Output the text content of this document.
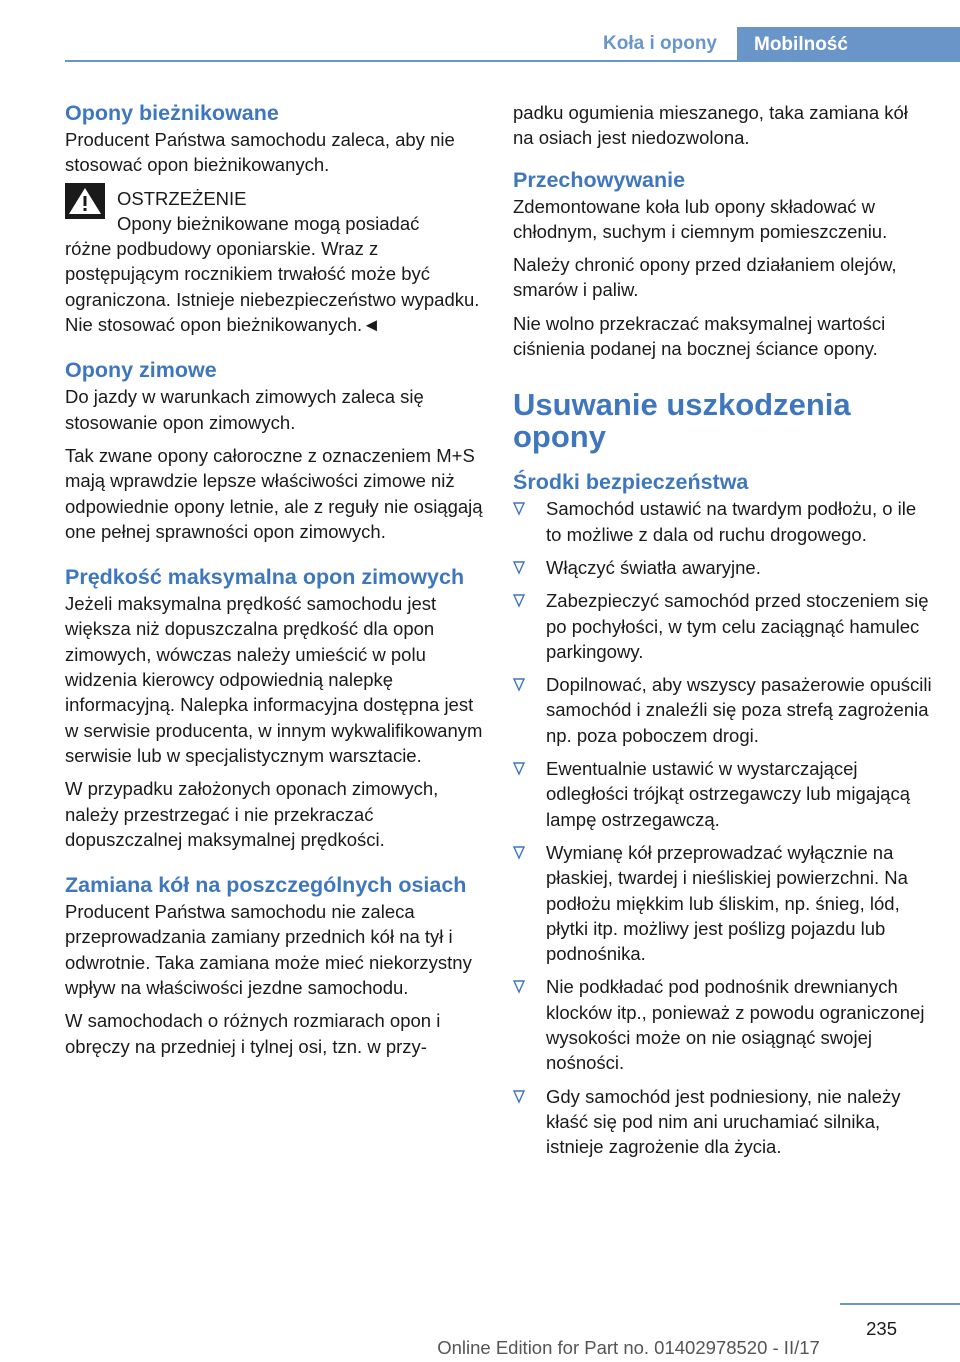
Koła i opony	Mobilność
Opony bieżnikowane

Producent Państwa samochodu zaleca, aby nie stosować opon bieżnikowanych.

OSTRZEŻENIE

Opony bieżnikowane mogą posiadać

różne podbudowy oponiarskie. Wraz z postępującym rocznikiem trwałość może być ograniczona. Istnieje niebezpieczeństwo wypadku. Nie stosować opon bieżnikowanych.◄

Opony zimowe

Do jazdy w warunkach zimowych zaleca się stosowanie opon zimowych.

Tak zwane opony całoroczne z oznaczeniem M+S mają wprawdzie lepsze właściwości zimowe niż odpowiednie opony letnie, ale z reguły nie osiągają one pełnej sprawności opon zimowych.

Prędkość maksymalna opon zimowych

Jeżeli maksymalna prędkość samochodu jest większa niż dopuszczalna prędkość dla opon zimowych, wówczas należy umieścić w polu widzenia kierowcy odpowiednią nalepkę informacyjną. Nalepka informacyjna dostępna jest w serwisie producenta, w innym wykwalifikowanym serwisie lub w specjalistycznym warsztacie.

W przypadku założonych oponach zimowych, należy przestrzegać i nie przekraczać dopuszczalnej maksymalnej prędkości.

Zamiana kół na poszczególnych osiach

Producent Państwa samochodu nie zaleca przeprowadzania zamiany przednich kół na tył i odwrotnie. Taka zamiana może mieć niekorzystny wpływ na właściwości jezdne samochodu.

W samochodach o różnych rozmiarach opon i obręczy na przedniej i tylnej osi, tzn. w przy-

padku ogumienia mieszanego, taka zamiana kół na osiach jest niedozwolona.

Przechowywanie

Zdemontowane koła lub opony składować w chłodnym, suchym i ciemnym pomieszczeniu.

Należy chronić opony przed działaniem olejów, smarów i paliw.

Nie wolno przekraczać maksymalnej wartości ciśnienia podanej na bocznej ściance opony.

Usuwanie uszkodzenia opony
Środki bezpieczeństwa
Samochód ustawić na twardym podłożu, o ile to możliwe z dala od ruchu drogowego.
Włączyć światła awaryjne.
Zabezpieczyć samochód przed stoczeniem się po pochyłości, w tym celu zaciągnąć hamulec parkingowy.
Dopilnować, aby wszyscy pasażerowie opuścili samochód i znaleźli się poza strefą zagrożenia np. poza poboczem drogi.
Ewentualnie ustawić w wystarczającej odległości trójkąt ostrzegawczy lub migającą lampę ostrzegawczą.
Wymianę kół przeprowadzać wyłącznie na płaskiej, twardej i nieśliskiej powierzchni. Na podłożu miękkim lub śliskim, np. śnieg, lód, płytki itp. możliwy jest poślizg pojazdu lub podnośnika.
Nie podkładać pod podnośnik drewnianych klocków itp., ponieważ z powodu ograniczonej wysokości może on nie osiągnąć swojej nośności.
Gdy samochód jest podniesiony, nie należy kłaść się pod nim ani uruchamiać silnika, istnieje zagrożenie dla życia.
235
Online Edition for Part no. 01402978520 - II/17
